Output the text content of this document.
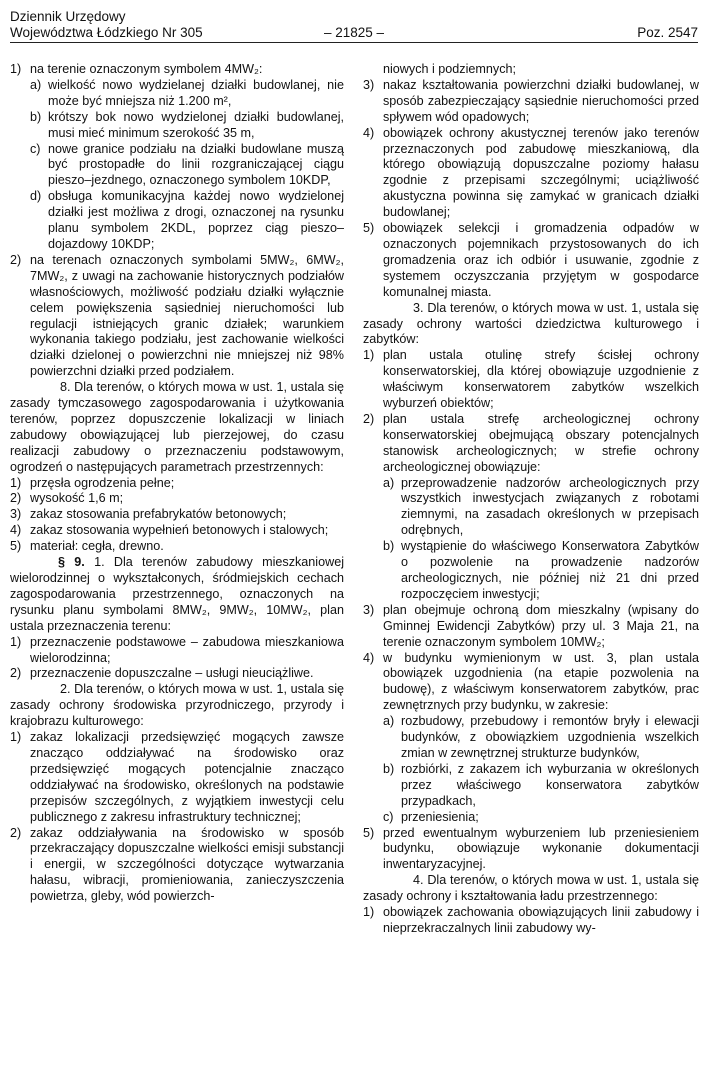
Dziennik Urzędowy
Województwa Łódzkiego Nr 305	– 21825 –	Poz. 2547
1) na terenie oznaczonym symbolem 4MW₂:
a) wielkość nowo wydzielanej działki budowlanej, nie może być mniejsza niż 1.200 m²,
b) krótszy bok nowo wydzielonej działki budowlanej, musi mieć minimum szerokość 35 m,
c) nowe granice podziału na działki budowlane muszą być prostopadłe do linii rozgraniczającej ciągu pieszo–jezdnego, oznaczonego symbolem 10KDP,
d) obsługa komunikacyjna każdej nowo wydzielonej działki jest możliwa z drogi, oznaczonej na rysunku planu symbolem 2KDL, poprzez ciąg pieszo–dojazdowy 10KDP;
2) na terenach oznaczonych symbolami 5MW₂, 6MW₂, 7MW₂, z uwagi na zachowanie historycznych podziałów własnościowych, możliwość podziału działki wyłącznie celem powiększenia sąsiedniej nieruchomości lub regulacji istniejących granic działek; warunkiem wykonania takiego podziału, jest zachowanie wielkości działki dzielonej o powierzchni nie mniejszej niż 98% powierzchni działki przed podziałem.

8. Dla terenów, o których mowa w ust. 1, ustala się zasady tymczasowego zagospodarowania i użytkowania terenów, poprzez dopuszczenie lokalizacji w liniach zabudowy obowiązującej lub pierzejowej, do czasu realizacji zabudowy o przeznaczeniu podstawowym, ogrodzeń o następujących parametrach przestrzennych:

1) przęsła ogrodzenia pełne;
2) wysokość 1,6 m;
3) zakaz stosowania prefabrykatów betonowych;
4) zakaz stosowania wypełnień betonowych i stalowych;
5) materiał: cegła, drewno.

§ 9. 1. Dla terenów zabudowy mieszkaniowej wielorodzinnej o wykształconych, śródmiejskich cechach zagospodarowania przestrzennego, oznaczonych na rysunku planu symbolami 8MW₂, 9MW₂, 10MW₂, plan ustala przeznaczenia terenu:

1) przeznaczenie podstawowe – zabudowa mieszkaniowa wielorodzinna;
2) przeznaczenie dopuszczalne – usługi nieuciążliwe.

2. Dla terenów, o których mowa w ust. 1, ustala się zasady ochrony środowiska przyrodniczego, przyrody i krajobrazu kulturowego:

1) zakaz lokalizacji przedsięwzięć mogących zawsze znacząco oddziaływać na środowisko oraz przedsięwzięć mogących potencjalnie znacząco oddziaływać na środowisko, określonych na podstawie przepisów szczególnych, z wyjątkiem inwestycji celu publicznego z zakresu infrastruktury technicznej;
2) zakaz oddziaływania na środowisko w sposób przekraczający dopuszczalne wielkości emisji substancji i energii, w szczególności dotyczące wytwarzania hałasu, wibracji, promieniowania, zanieczyszczenia powietrza, gleby, wód powierzch-

niowych i podziemnych;

3) nakaz kształtowania powierzchni działki budowlanej, w sposób zabezpieczający sąsiednie nieruchomości przed spływem wód opadowych;
4) obowiązek ochrony akustycznej terenów jako terenów przeznaczonych pod zabudowę mieszkaniową, dla którego obowiązują dopuszczalne poziomy hałasu zgodnie z przepisami szczególnymi; uciążliwość akustyczna powinna się zamykać w granicach działki budowlanej;
5) obowiązek selekcji i gromadzenia odpadów w oznaczonych pojemnikach przystosowanych do ich gromadzenia oraz ich odbiór i usuwanie, zgodnie z systemem oczyszczania przyjętym w gospodarce komunalnej miasta.

3. Dla terenów, o których mowa w ust. 1, ustala się zasady ochrony wartości dziedzictwa kulturowego i zabytków:

1) plan ustala otulinę strefy ścisłej ochrony konserwatorskiej, dla której obowiązuje uzgodnienie z właściwym konserwatorem zabytków wszelkich wyburzeń obiektów;
2) plan ustala strefę archeologicznej ochrony konserwatorskiej obejmującą obszary potencjalnych stanowisk archeologicznych; w strefie ochrony archeologicznej obowiązuje:
a) przeprowadzenie nadzorów archeologicznych przy wszystkich inwestycjach związanych z robotami ziemnymi, na zasadach określonych w przepisach odrębnych,
b) wystąpienie do właściwego Konserwatora Zabytków o pozwolenie na prowadzenie nadzorów archeologicznych, nie później niż 21 dni przed rozpoczęciem inwestycji;
3) plan obejmuje ochroną dom mieszkalny (wpisany do Gminnej Ewidencji Zabytków) przy ul. 3 Maja 21, na terenie oznaczonym symbolem 10MW₂;
4) w budynku wymienionym w ust. 3, plan ustala obowiązek uzgodnienia (na etapie pozwolenia na budowę), z właściwym konserwatorem zabytków, prac zewnętrznych przy budynku, w zakresie:
a) rozbudowy, przebudowy i remontów bryły i elewacji budynków, z obowiązkiem uzgodnienia wszelkich zmian w zewnętrznej strukturze budynków,
b) rozbiórki, z zakazem ich wyburzania w określonych przez właściwego konserwatora zabytków przypadkach,
c) przeniesienia;
5) przed ewentualnym wyburzeniem lub przeniesieniem budynku, obowiązuje wykonanie dokumentacji inwentaryzacyjnej.

4. Dla terenów, o których mowa w ust. 1, ustala się zasady ochrony i kształtowania ładu przestrzennego:

1) obowiązek zachowania obowiązujących linii zabudowy i nieprzekraczalnych linii zabudowy wy-
